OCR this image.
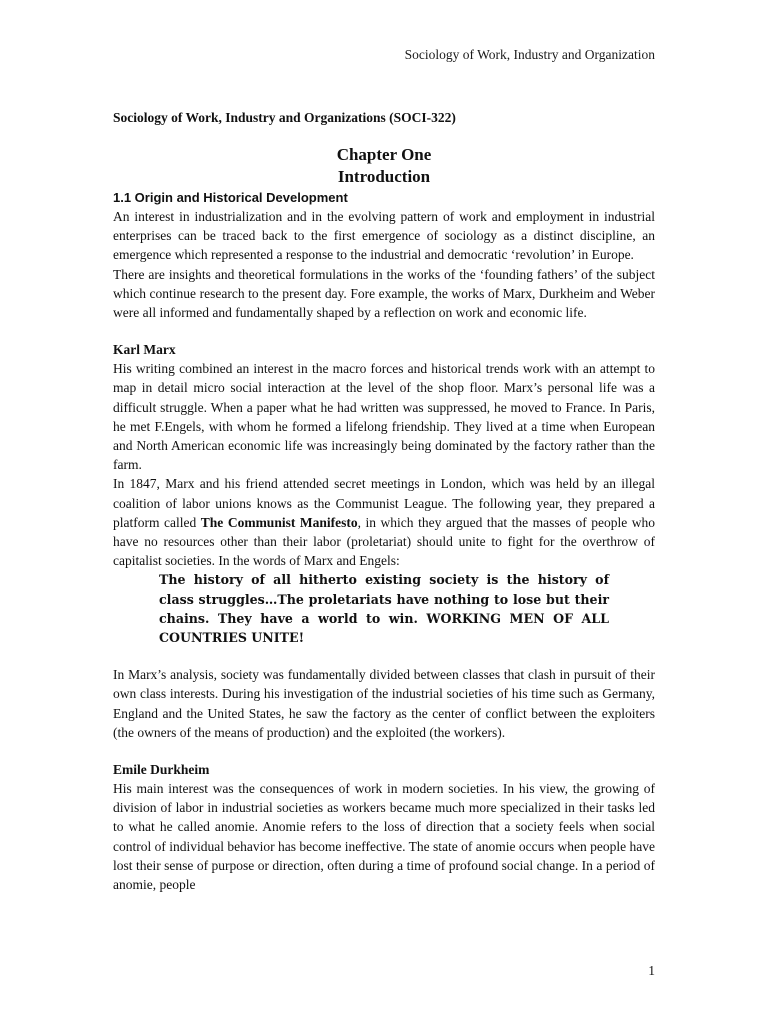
Sociology of Work, Industry and Organization
Sociology of Work, Industry and Organizations (SOCI-322)
Chapter One
Introduction
1.1 Origin and Historical Development

An interest in industrialization and in the evolving pattern of work and employment in industrial enterprises can be traced back to the first emergence of sociology as a distinct discipline, an emergence which represented a response to the industrial and democratic ‘revolution’ in Europe.

There are insights and theoretical formulations in the works of the ‘founding fathers’ of the subject which continue research to the present day. Fore example, the works of Marx, Durkheim and Weber were all informed and fundamentally shaped by a reflection on work and economic life.

Karl Marx

His writing combined an interest in the macro forces and historical trends work with an attempt to map in detail micro social interaction at the level of the shop floor. Marx’s personal life was a difficult struggle. When a paper what he had written was suppressed, he moved to France. In Paris, he met F.Engels, with whom he formed a lifelong friendship. They lived at a time when European and North American economic life was increasingly being dominated by the factory rather than the farm.

In 1847, Marx and his friend attended secret meetings in London, which was held by an illegal coalition of labor unions knows as the Communist League. The following year, they prepared a platform called The Communist Manifesto, in which they argued that the masses of people who have no resources other than their labor (proletariat) should unite to fight for the overthrow of capitalist societies. In the words of Marx and Engels:

The history of all hitherto existing society is the history of class struggles…The proletariats have nothing to lose but their chains. They have a world to win. WORKING MEN OF ALL COUNTRIES UNITE!

In Marx’s analysis, society was fundamentally divided between classes that clash in pursuit of their own class interests. During his investigation of the industrial societies of his time such as Germany, England and the United States, he saw the factory as the center of conflict between the exploiters (the owners of the means of production) and the exploited (the workers).

Emile Durkheim

His main interest was the consequences of work in modern societies. In his view, the growing of division of labor in industrial societies as workers became much more specialized in their tasks led to what he called anomie. Anomie refers to the loss of direction that a society feels when social control of individual behavior has become ineffective. The state of anomie occurs when people have lost their sense of purpose or direction, often during a time of profound social change. In a period of anomie, people

1
